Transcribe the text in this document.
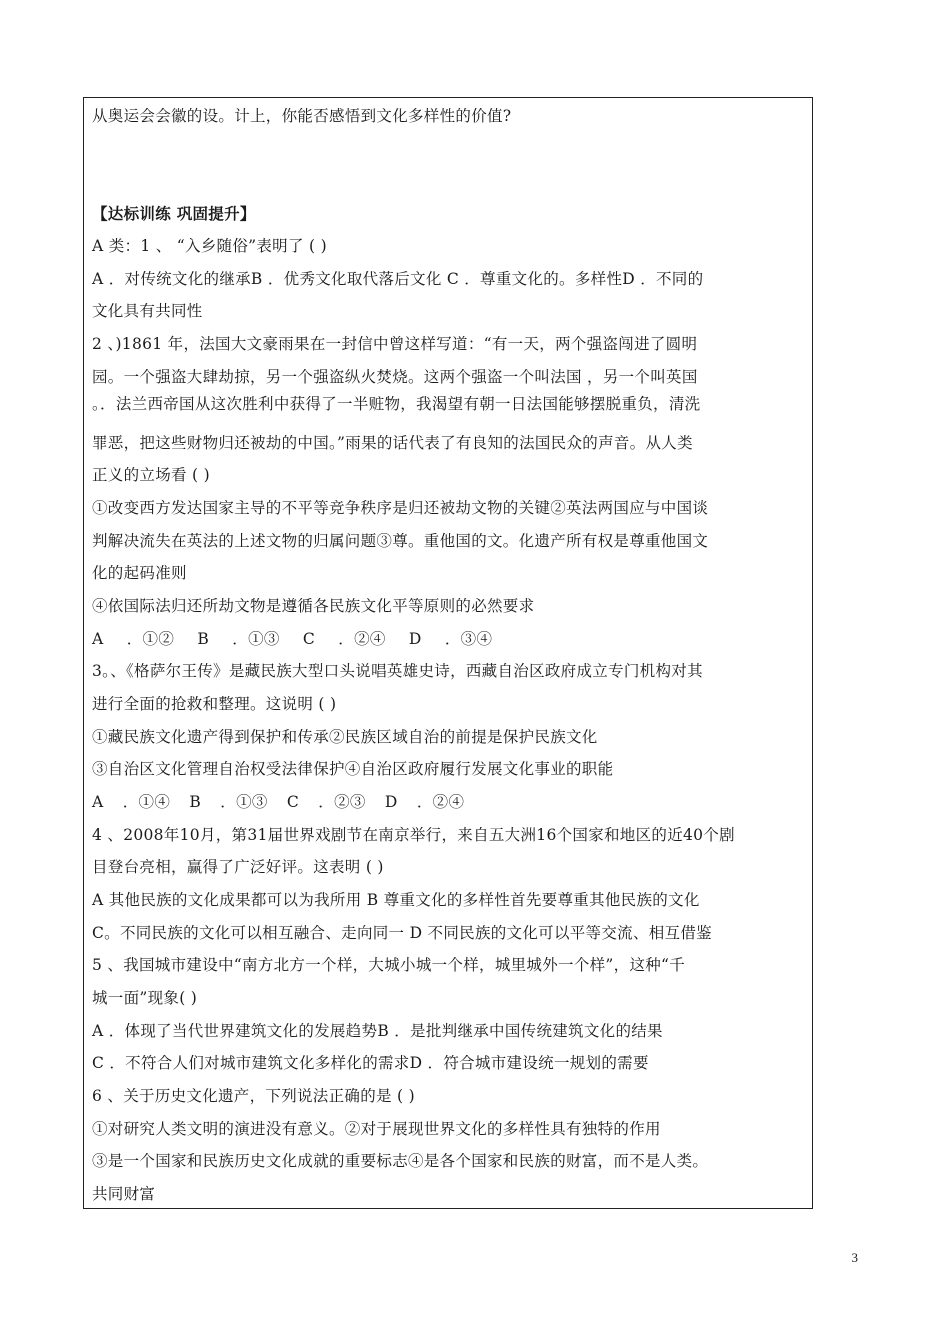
从奥运会会徽的设。计上，你能否感悟到文化多样性的价值?
【达标训练 巩固提升】
A 类：1 、 “入乡随俗”表明了 ( )
A ．对传统文化的继承B ．优秀文化取代落后文化 C ．尊重文化的。多样性D ．不同的
文化具有共同性
2 、)1861 年，法国大文豪雨果在一封信中曾这样写道：“有一天，两个强盗闯进了圆明
园。一个强盗大肆劫掠，另一个强盗纵火焚烧。这两个强盗一个叫法国 ，另一个叫英国
。．法兰西帝国从这次胜利中获得了一半赃物，我渴望有朝一日法国能够摆脱重负，清洗
罪恶，把这些财物归还被劫的中国。”雨果的话代表了有良知的法国民众的声音。从人类
正义的立场看 ( )
①改变西方发达国家主导的不平等竞争秩序是归还被劫文物的关键②英法两国应与中国谈
判解决流失在英法的上述文物的归属问题③尊。重他国的文。化遗产所有权是尊重他国文
化的起码准则
④依国际法归还所劫文物是遵循各民族文化平等原则的必然要求
A ．①② B ．①③ C ．②④ D ．③④
3。、《格萨尔王传》是藏民族大型口头说唱英雄史诗，西藏自治区政府成立专门机构对其
进行全面的抢救和整理。这说明 ( )
①藏民族文化遗产得到保护和传承②民族区域自治的前提是保护民族文化
③自治区文化管理自治权受法律保护④自治区政府履行发展文化事业的职能
A ．①④ B ．①③ C ．②③ D ．②④
4 、2008年10月，第31届世界戏剧节在南京举行，来自五大洲16个国家和地区的近40个剧
目登台亮相，赢得了广泛好评。这表明 ( )
A 其他民族的文化成果都可以为我所用 B 尊重文化的多样性首先要尊重其他民族的文化
C。不同民族的文化可以相互融合、走向同一 D 不同民族的文化可以平等交流、相互借鉴
5 、我国城市建设中“南方北方一个样，大城小城一个样，城里城外一个样”，这种“千
城一面”现象( )
A ．体现了当代世界建筑文化的发展趋势B ．是批判继承中国传统建筑文化的结果
C ．不符合人们对城市建筑文化多样化的需求D ．符合城市建设统一规划的需要
6 、关于历史文化遗产，下列说法正确的是 ( )
①对研究人类文明的演进没有意义。②对于展现世界文化的多样性具有独特的作用
③是一个国家和民族历史文化成就的重要标志④是各个国家和民族的财富，而不是人类。
共同财富
3
